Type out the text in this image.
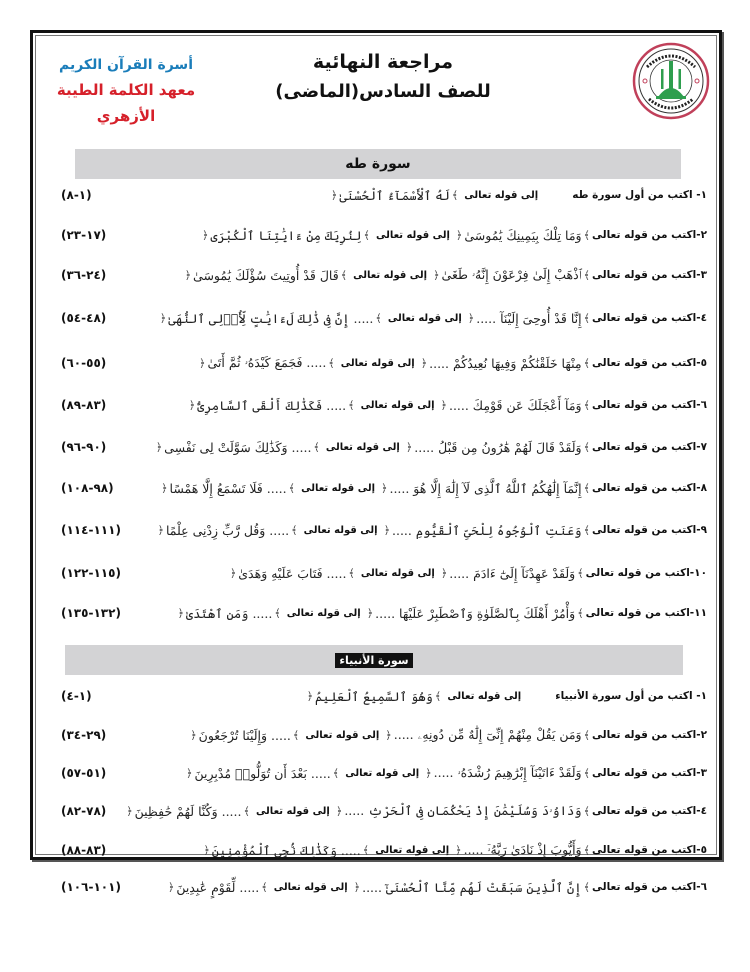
مراجعة النهائية
للصف السادس(الماضى)
أسرة القرآن الكريم
معهد الكلمة الطيبة الأزهري
سورة طه
سورة الأنبياء
١- اكتب من أول سورة طه
إلى قوله تعالى
﴾
لَهُ ٱلْأَسْمَآءُ ٱلْحُسْنَىٰ
﴿
(١-٨)
٢-اكتب من قوله تعالى
﴾
وَمَا تِلْكَ بِيَمِينِكَ يَٰمُوسَىٰ
﴿
إلى قوله تعالى
﴾
لِنُرِيَكَ مِنْ ءَايَٰتِنَا ٱلْكُبْرَى
﴿
(١٧-٢٣)
٣-اكتب من قوله تعالى
﴾
ٱذْهَبْ إِلَىٰ فِرْعَوْنَ إِنَّهُۥ طَغَىٰ
﴿
إلى قوله تعالى
﴾
قَالَ قَدْ أُوتِيتَ سُؤْلَكَ يَٰمُوسَىٰ
﴿
(٢٤-٣٦)
٤-اكتب من قوله تعالى
﴾
إِنَّا قَدْ أُوحِىَ إِلَيْنَآ .....
﴿
إلى قوله تعالى
﴾
..... إِنَّ فِى ذَٰلِكَ لَءَايَٰتٍ لِّأُو۟لِى ٱلنُّهَىٰ
﴿
(٤٨-٥٤)
٥-اكتب من قوله تعالى
﴾
مِنْهَا خَلَقْنَٰكُمْ وَفِيهَا نُعِيدُكُمْ .....
﴿
إلى قوله تعالى
﴾
..... فَجَمَعَ كَيْدَهُۥ ثُمَّ أَتَىٰ
﴿
(٥٥-٦٠)
٦-اكتب من قوله تعالى
﴾
وَمَآ أَعْجَلَكَ عَن قَوْمِكَ .....
﴿
إلى قوله تعالى
﴾
..... فَكَذَٰلِكَ أَلْقَى ٱلسَّامِرِىُّ
﴿
(٨٣-٨٩)
٧-اكتب من قوله تعالى
﴾
وَلَقَدْ قَالَ لَهُمْ هَٰرُونُ مِن قَبْلُ .....
﴿
إلى قوله تعالى
﴾
..... وَكَذَٰلِكَ سَوَّلَتْ لِى نَفْسِى
﴿
(٩٠-٩٦)
٨-اكتب من قوله تعالى
﴾
إِنَّمَآ إِلَٰهُكُمُ ٱللَّهُ ٱلَّذِى لَآ إِلَٰهَ إِلَّا هُوَ .....
﴿
إلى قوله تعالى
﴾
..... فَلَا تَسْمَعُ إِلَّا هَمْسًا
﴿
(٩٨-١٠٨)
٩-اكتب من قوله تعالى
﴾
وَعَنَتِ ٱلْوُجُوهُ لِلْحَىِّ ٱلْقَيُّومِ .....
﴿
إلى قوله تعالى
﴾
..... وَقُل رَّبِّ زِدْنِى عِلْمًا
﴿
(١١١-١١٤)
١٠-اكتب من قوله تعالى
﴾
وَلَقَدْ عَهِدْنَآ إِلَىٰٓ ءَادَمَ .....
﴿
إلى قوله تعالى
﴾
..... فَتَابَ عَلَيْهِ وَهَدَىٰ
﴿
(١١٥-١٢٢)
١١-اكتب من قوله تعالى
﴾
وَأْمُرْ أَهْلَكَ بِٱلصَّلَوٰةِ وَٱصْطَبِرْ عَلَيْهَا .....
﴿
إلى قوله تعالى
﴾
..... وَمَنِ ٱهْتَدَىٰ
﴿
(١٣٢-١٣٥)
١- اكتب من أول سورة الأنبياء
إلى قوله تعالى
﴾
وَهُوَ ٱلسَّمِيعُ ٱلْعَلِيمُ
﴿
(١-٤)
٢-اكتب من قوله تعالى
﴾
وَمَن يَقُلْ مِنْهُمْ إِنِّىٓ إِلَٰهٌ مِّن دُونِهِۦ .....
﴿
إلى قوله تعالى
﴾
..... وَإِلَيْنَا تُرْجَعُونَ
﴿
(٢٩-٣٤)
٣-اكتب من قوله تعالى
﴾
وَلَقَدْ ءَاتَيْنَآ إِبْرَٰهِيمَ رُشْدَهُۥ .....
﴿
إلى قوله تعالى
﴾
..... بَعْدَ أَن تُوَلُّوا۟ مُدْبِرِينَ
﴿
(٥١-٥٧)
٤-اكتب من قوله تعالى
﴾
وَدَاوُۥدَ وَسُلَيْمَٰنَ إِذْ يَحْكُمَانِ فِى ٱلْحَرْثِ .....
﴿
إلى قوله تعالى
﴾
..... وَكُنَّا لَهُمْ حَٰفِظِينَ
﴿
(٧٨-٨٢)
٥-اكتب من قوله تعالى
﴾
وَأَيُّوبَ إِذْ نَادَىٰ رَبَّهُۥٓ .....
﴿
إلى قوله تعالى
﴾
..... وَكَذَٰلِكَ نُۨجِى ٱلْمُؤْمِنِينَ
﴿
(٨٣-٨٨)
٦-اكتب من قوله تعالى
﴾
إِنَّ ٱلَّذِينَ سَبَقَتْ لَهُم مِّنَّا ٱلْحُسْنَىٰٓ .....
﴿
إلى قوله تعالى
﴾
..... لِّقَوْمٍ عَٰبِدِينَ
﴿
(١٠١-١٠٦)
